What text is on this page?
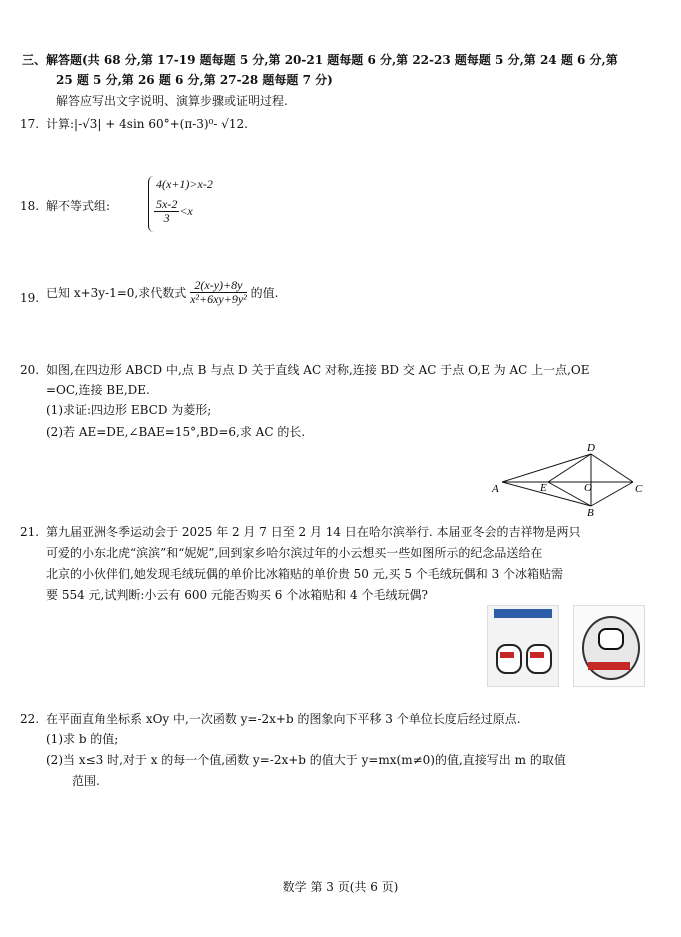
三、解答题(共 68 分,第 17-19 题每题 5 分,第 20-21 题每题 6 分,第 22-23 题每题 5 分,第 24 题 6 分,第
25 题 5 分,第 26 题 6 分,第 27-28 题每题 7 分)
解答应写出文字说明、演算步骤或证明过程.
17. 计算:|-√3| + 4sin 60°+(π-3)⁰- √12.
18. 解不等式组:
4(x+1)>x-2
$\frac{5x-2}{3} <x$
19. 已知 x+3y-1=0,求代数式 $\frac{2(x-y)+8y}{\text{x²+6xy+9y²}}$ 的值.
20. 如图,在四边形 ABCD 中,点 B 与点 D 关于直线 AC 对称,连接 BD 交 AC 于点 O,E 为 AC 上一点,OE
=OC,连接 BE,DE.
(1)求证:四边形 EBCD 为菱形;
(2)若 AE=DE,∠BAE=15°,BD=6,求 AC 的长.
A
D
B
C
E	O
21. 第九届亚洲冬季运动会于 2025 年 2 月 7 日至 2 月 14 日在哈尔滨举行. 本届亚冬会的吉祥物是两只
可爱的小东北虎“滨滨”和“妮妮”,回到家乡哈尔滨过年的小云想买一些如图所示的纪念品送给在
北京的小伙伴们,她发现毛绒玩偶的单价比冰箱贴的单价贵 50 元,买 5 个毛绒玩偶和 3 个冰箱贴需
要 554 元,试判断:小云有 600 元能否购买 6 个冰箱贴和 4 个毛绒玩偶?
22. 在平面直角坐标系 xOy 中,一次函数 y=-2x+b 的图象向下平移 3 个单位长度后经过原点.
(1)求 b 的值;
(2)当 x≤3 时,对于 x 的每一个值,函数 y=-2x+b 的值大于 y=mx(m≠0)的值,直接写出 m 的取值
范围.
数学 第 3 页(共 6 页)
